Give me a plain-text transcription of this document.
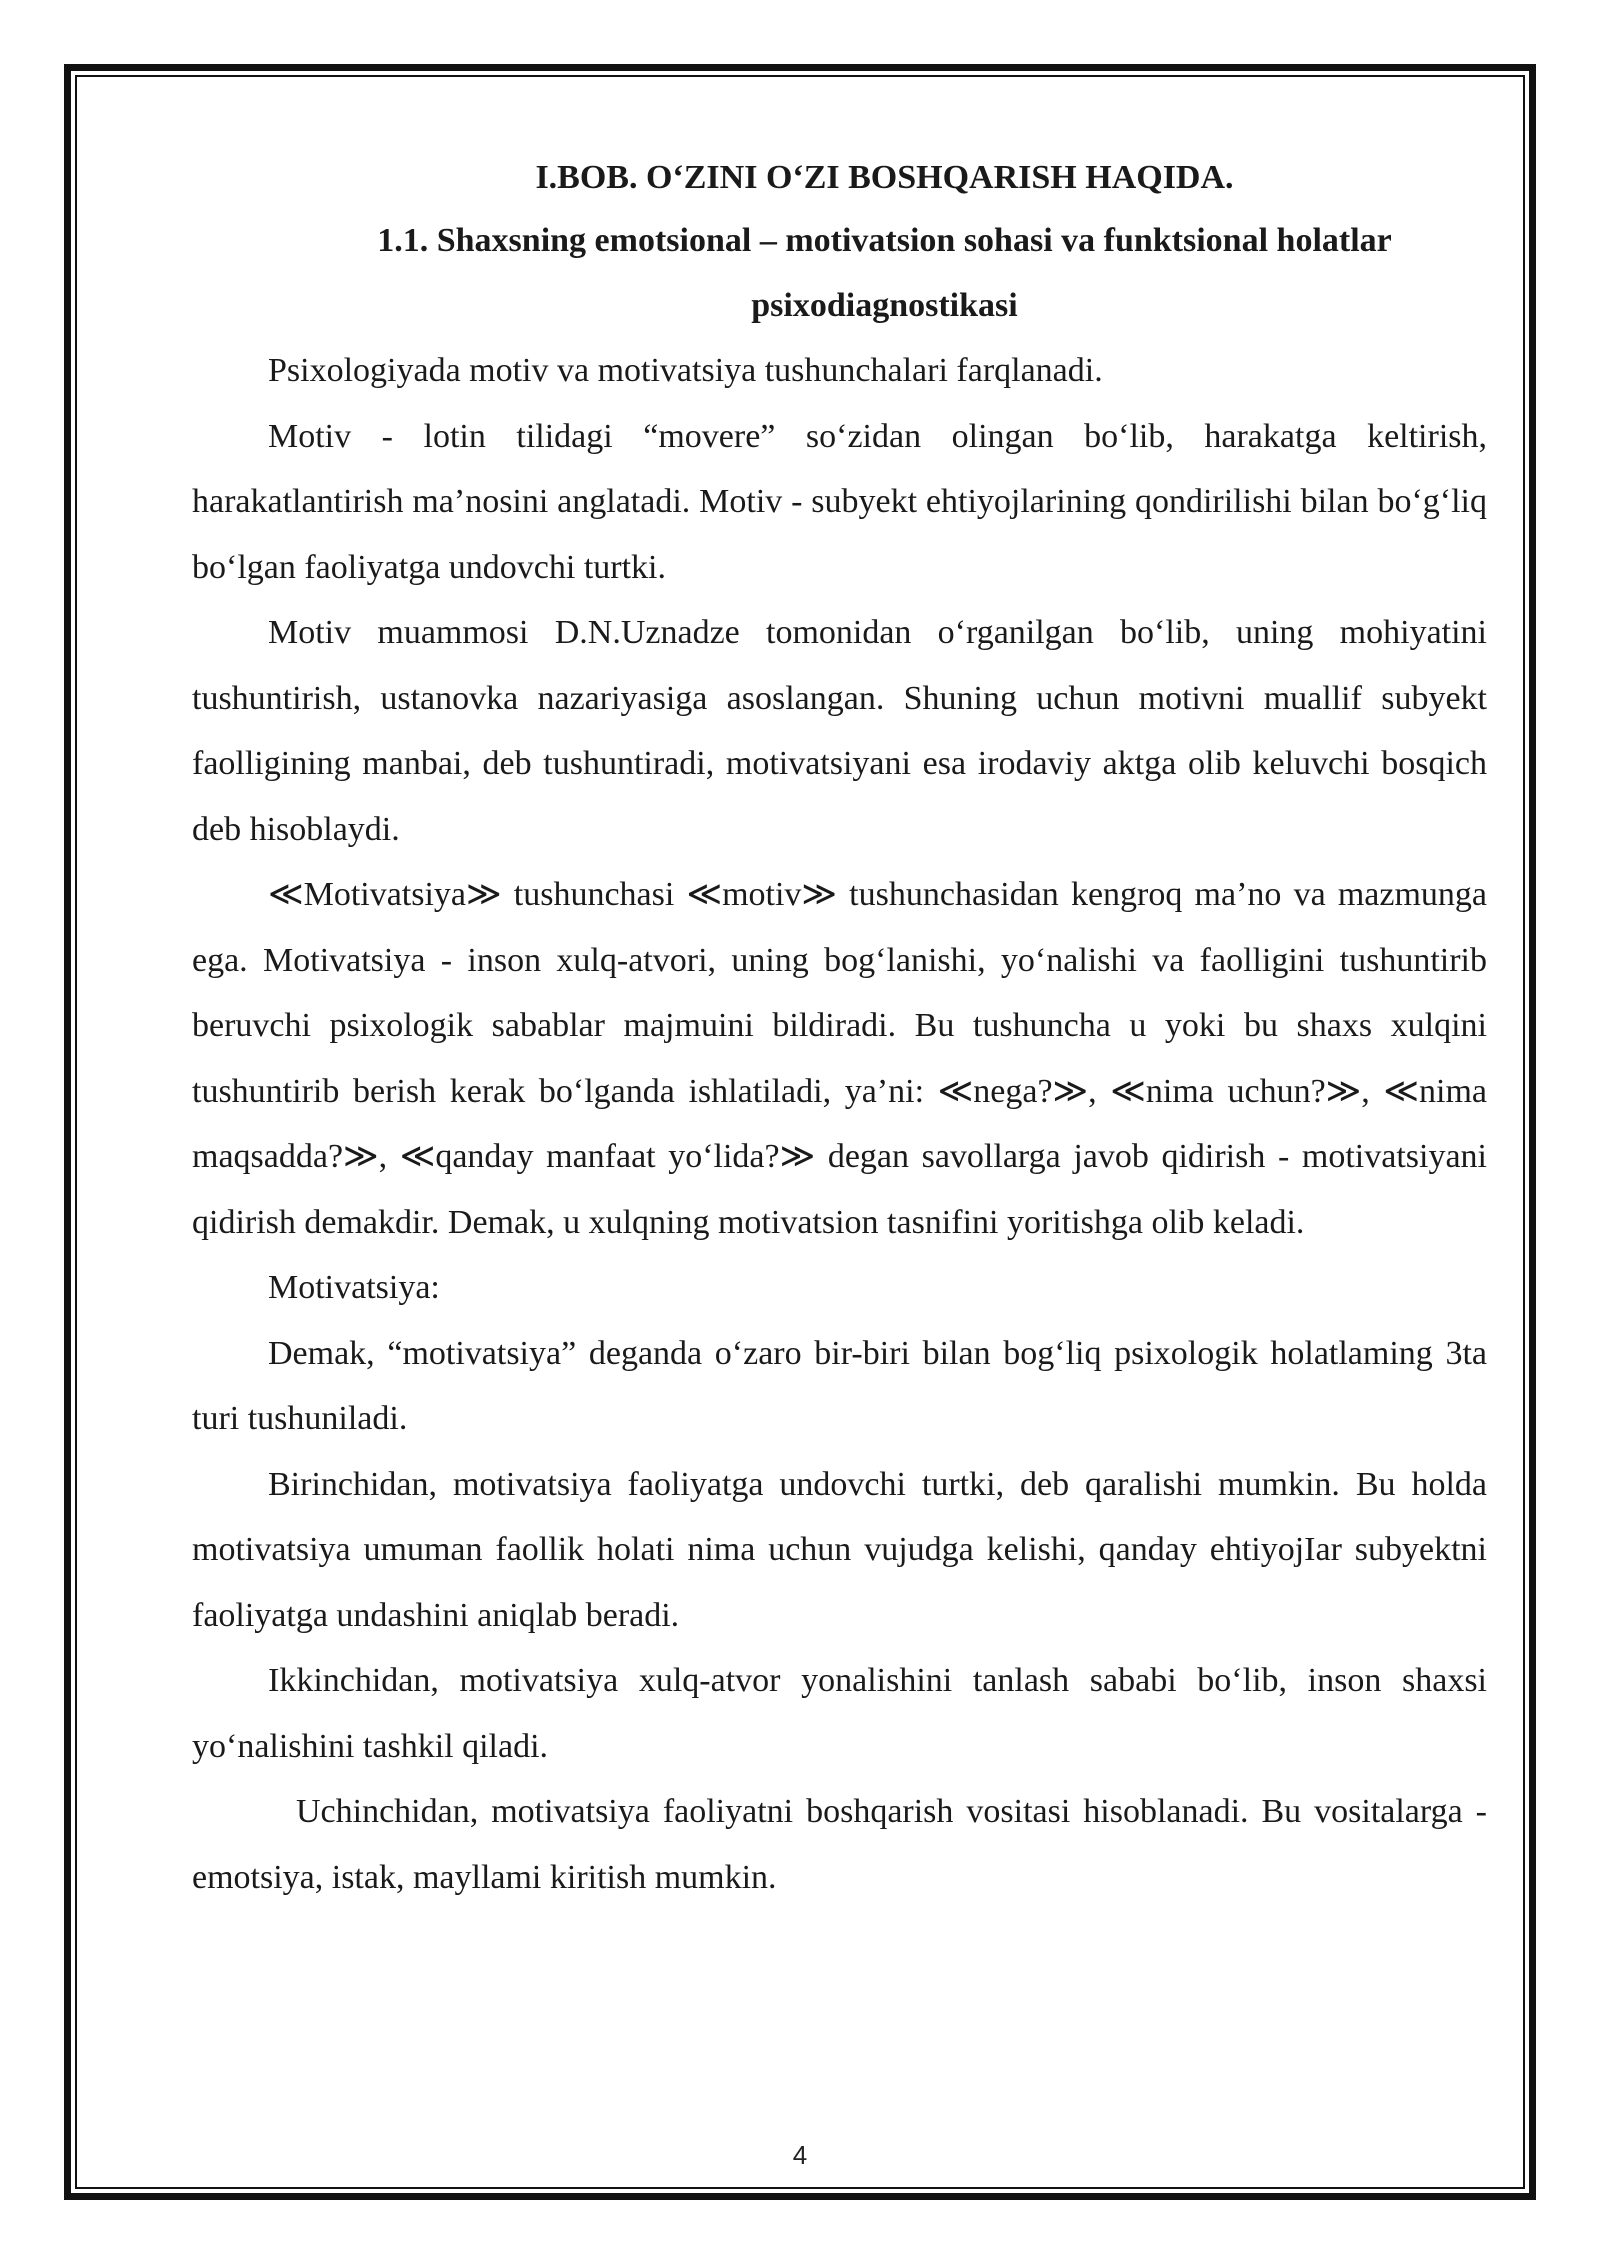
I.BOB. O‘ZINI O‘ZI BOSHQARISH HAQIDA.
1.1. Shaxsning emotsional – motivatsion sohasi va funktsional holatlar psixodiagnostikasi

Psixologiyada motiv va motivatsiya tushunchalari farqlanadi.

Motiv - lotin tilidagi “movere” so‘zidan olingan bo‘lib, harakatga keltirish, harakatlantirish ma’nosini anglatadi. Motiv - subyekt ehtiyojlarining qondirilishi bilan bo‘g‘liq bo‘lgan faoliyatga undovchi turtki.

Motiv muammosi D.N.Uznadze tomonidan o‘rganilgan bo‘lib, uning mohiyatini tushuntirish, ustanovka nazariyasiga asoslangan. Shuning uchun motivni muallif subyekt faolligining manbai, deb tushuntiradi, motivatsiyani esa irodaviy aktga olib keluvchi bosqich deb hisoblaydi.

≪Motivatsiya≫ tushunchasi ≪motiv≫ tushunchasidan kengroq ma’no va mazmunga ega. Motivatsiya - inson xulq-atvori, uning bog‘lanishi, yo‘nalishi va faolligini tushuntirib beruvchi psixologik sabablar majmuini bildiradi. Bu tushuncha u yoki bu shaxs xulqini tushuntirib berish kerak bo‘lganda ishlatiladi, ya’ni: ≪nega?≫, ≪nima uchun?≫, ≪nima maqsadda?≫, ≪qanday manfaat yo‘lida?≫ degan savollarga javob qidirish - motivatsiyani qidirish demakdir. Demak, u xulqning motivatsion tasnifini yoritishga olib keladi.

Motivatsiya:

Demak, “motivatsiya” deganda o‘zaro bir-biri bilan bog‘liq psixologik holatlaming 3ta turi tushuniladi.

Birinchidan, motivatsiya faoliyatga undovchi turtki, deb qaralishi mumkin. Bu holda motivatsiya umuman faollik holati nima uchun vujudga kelishi, qanday ehtiyojIar subyektni faoliyatga undashini aniqlab beradi.

Ikkinchidan, motivatsiya xulq-atvor yonalishini tanlash sababi bo‘lib, inson shaxsi yo‘nalishini tashkil qiladi.

Uchinchidan, motivatsiya faoliyatni boshqarish vositasi hisoblanadi. Bu vositalarga - emotsiya, istak, mayllami kiritish mumkin.

4
